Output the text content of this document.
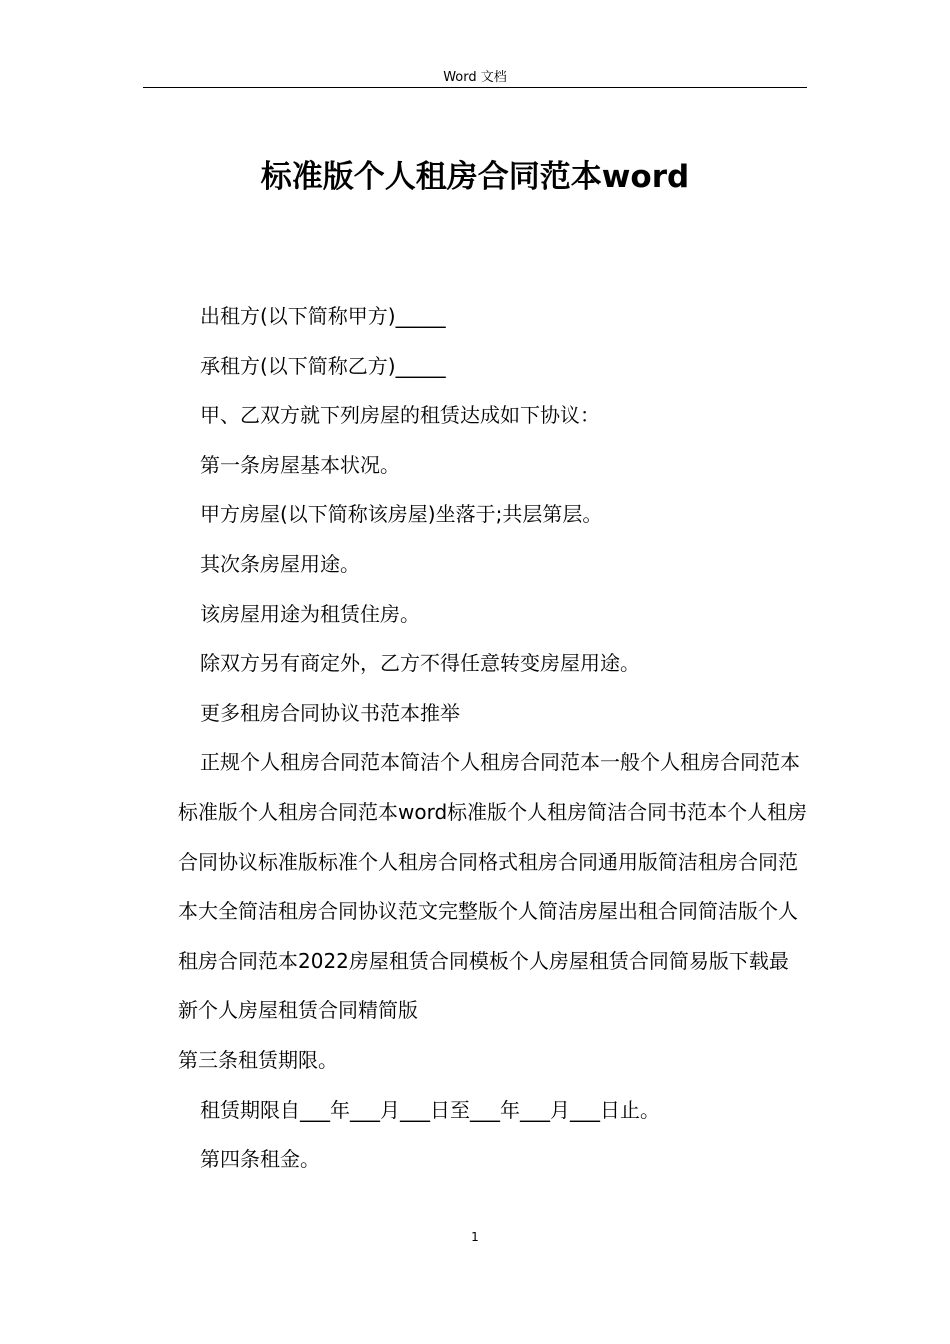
Word 文档
标准版个人租房合同范本word

出租方(以下简称甲方)_____

承租方(以下简称乙方)_____

甲、乙双方就下列房屋的租赁达成如下协议：

第一条房屋基本状况。

甲方房屋(以下简称该房屋)坐落于;共层第层。

其次条房屋用途。

该房屋用途为租赁住房。

除双方另有商定外，乙方不得任意转变房屋用途。

更多租房合同协议书范本推举

正规个人租房合同范本简洁个人租房合同范本一般个人租房合同范本标准版个人租房合同范本word标准版个人租房简洁合同书范本个人租房合同协议标准版标准个人租房合同格式租房合同通用版简洁租房合同范本大全简洁租房合同协议范文完整版个人简洁房屋出租合同简洁版个人租房合同范本2022房屋租赁合同模板个人房屋租赁合同简易版下载最新个人房屋租赁合同精简版

第三条租赁期限。

租赁期限自___年___月___日至___年___月___日止。

第四条租金。

1
